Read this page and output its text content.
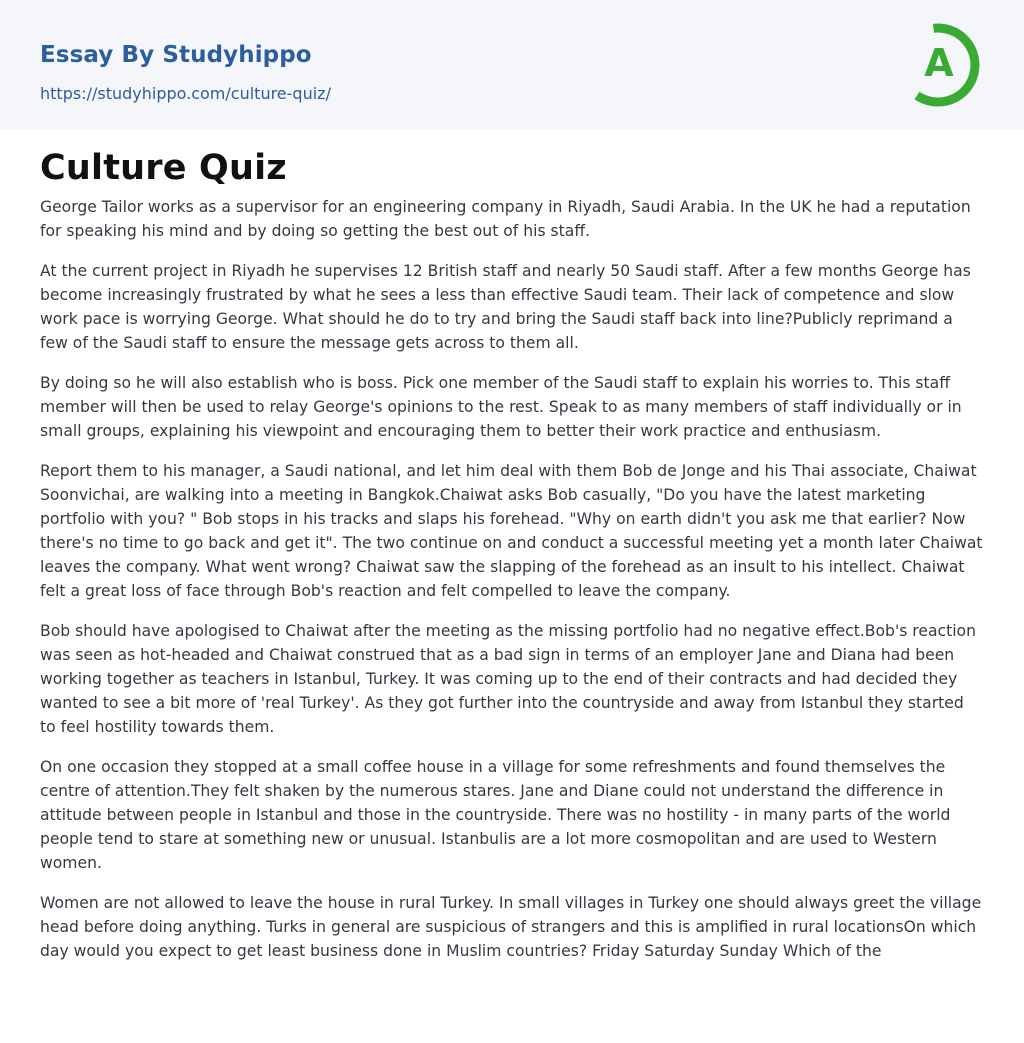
Essay By Studyhippo
https://studyhippo.com/culture-quiz/
A
Culture Quiz

George Tailor works as a supervisor for an engineering company in Riyadh, Saudi Arabia. In the UK he had a reputation for speaking his mind and by doing so getting the best out of his staff.

At the current project in Riyadh he supervises 12 British staff and nearly 50 Saudi staff. After a few months George has become increasingly frustrated by what he sees a less than effective Saudi team. Their lack of competence and slow work pace is worrying George. What should he do to try and bring the Saudi staff back into line?Publicly reprimand a few of the Saudi staff to ensure the message gets across to them all.

By doing so he will also establish who is boss. Pick one member of the Saudi staff to explain his worries to. This staff member will then be used to relay George's opinions to the rest. Speak to as many members of staff individually or in small groups, explaining his viewpoint and encouraging them to better their work practice and enthusiasm.

Report them to his manager, a Saudi national, and let him deal with them Bob de Jonge and his Thai associate, Chaiwat Soonvichai, are walking into a meeting in Bangkok.Chaiwat asks Bob casually, "Do you have the latest marketing portfolio with you? " Bob stops in his tracks and slaps his forehead. "Why on earth didn't you ask me that earlier? Now there's no time to go back and get it". The two continue on and conduct a successful meeting yet a month later Chaiwat leaves the company. What went wrong? Chaiwat saw the slapping of the forehead as an insult to his intellect. Chaiwat felt a great loss of face through Bob's reaction and felt compelled to leave the company.

Bob should have apologised to Chaiwat after the meeting as the missing portfolio had no negative effect.Bob's reaction was seen as hot-headed and Chaiwat construed that as a bad sign in terms of an employer Jane and Diana had been working together as teachers in Istanbul, Turkey. It was coming up to the end of their contracts and had decided they wanted to see a bit more of 'real Turkey'. As they got further into the countryside and away from Istanbul they started to feel hostility towards them.

On one occasion they stopped at a small coffee house in a village for some refreshments and found themselves the centre of attention.They felt shaken by the numerous stares. Jane and Diane could not understand the difference in attitude between people in Istanbul and those in the countryside. There was no hostility - in many parts of the world people tend to stare at something new or unusual. Istanbulis are a lot more cosmopolitan and are used to Western women.

Women are not allowed to leave the house in rural Turkey. In small villages in Turkey one should always greet the village head before doing anything. Turks in general are suspicious of strangers and this is amplified in rural locationsOn which day would you expect to get least business done in Muslim countries? Friday Saturday Sunday Which of the
